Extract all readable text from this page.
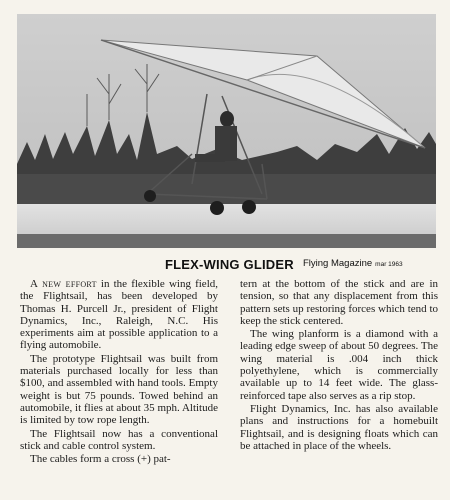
FLEX-WING GLIDER Flying Magazine mar 1963

A new effort in the flexible wing field, the Flightsail, has been developed by Thomas H. Purcell Jr., president of Flight Dynamics, Inc., Raleigh, N.C. His experiments aim at possible application to a flying automobile.

The prototype Flightsail was built from materials purchased locally for less than $100, and assembled with hand tools. Empty weight is but 75 pounds. Towed behind an automobile, it flies at about 35 mph. Altitude is limited by tow rope length.

The Flightsail now has a conventional stick and cable control system.

The cables form a cross (+) pat-

tern at the bottom of the stick and are in tension, so that any displacement from this pattern sets up restoring forces which tend to keep the stick centered.

The wing planform is a diamond with a leading edge sweep of about 50 degrees. The wing material is .004 inch thick polyethylene, which is commercially available up to 14 feet wide. The glass-reinforced tape also serves as a rip stop.

Flight Dynamics, Inc. has also available plans and instructions for a homebuilt Flightsail, and is designing floats which can be attached in place of the wheels.
